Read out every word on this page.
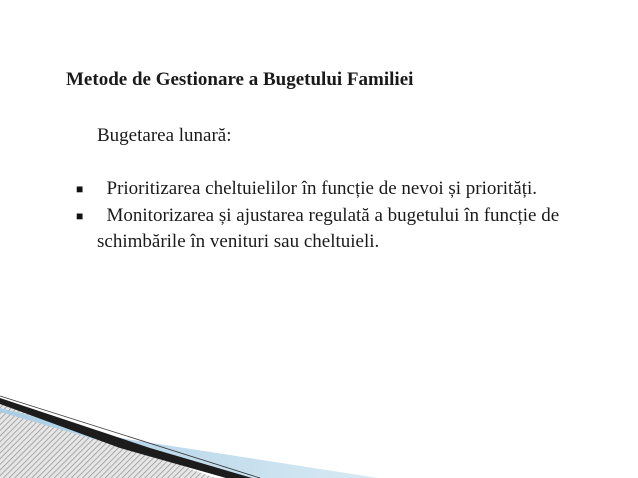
Metode de Gestionare a Bugetului Familiei
Bugetarea lunară:
■ Prioritizarea cheltuielilor în funcție de nevoi și priorități.
■ Monitorizarea și ajustarea regulată a bugetului în funcție de schimbările în venituri sau cheltuieli.
